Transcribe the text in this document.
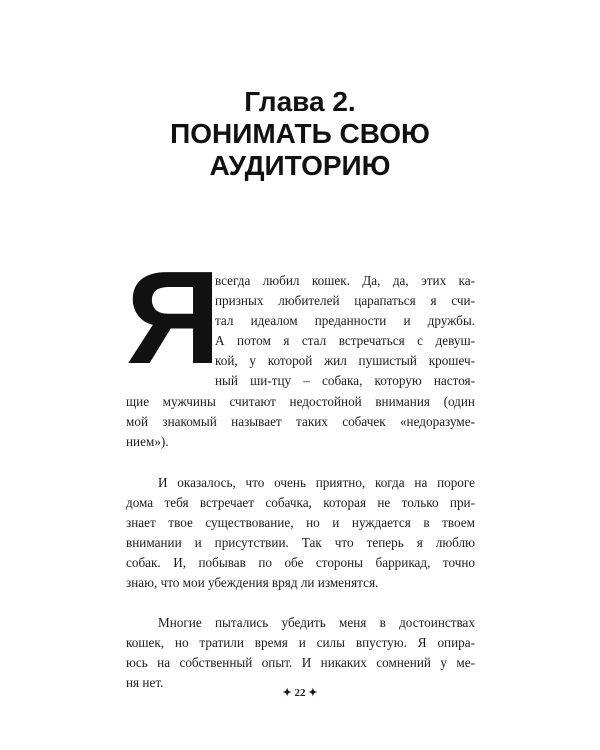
Глава 2.
ПОНИМАТЬ СВОЮ
АУДИТОРИЮ
Я
всегда любил кошек. Да, да, этих ка-
призных любителей царапаться я счи-
тал идеалом преданности и дружбы.
А потом я стал встречаться с девуш-
кой, у которой жил пушистый крошеч-
ный ши-тцу – собака, которую настоя-
щие мужчины считают недостойной внимания (один
мой знакомый называет таких собачек «недоразуме-
нием»).
И оказалось, что очень приятно, когда на пороге
дома тебя встречает собачка, которая не только при-
знает твое существование, но и нуждается в твоем
внимании и присутствии. Так что теперь я люблю
собак. И, побывав по обе стороны баррикад, точно
знаю, что мои убеждения вряд ли изменятся.
Многие пытались убедить меня в достоинствах
кошек, но тратили время и силы впустую. Я опира-
юсь на собственный опыт. И никаких сомнений у ме-
ня нет.
✦ 22 ✦
